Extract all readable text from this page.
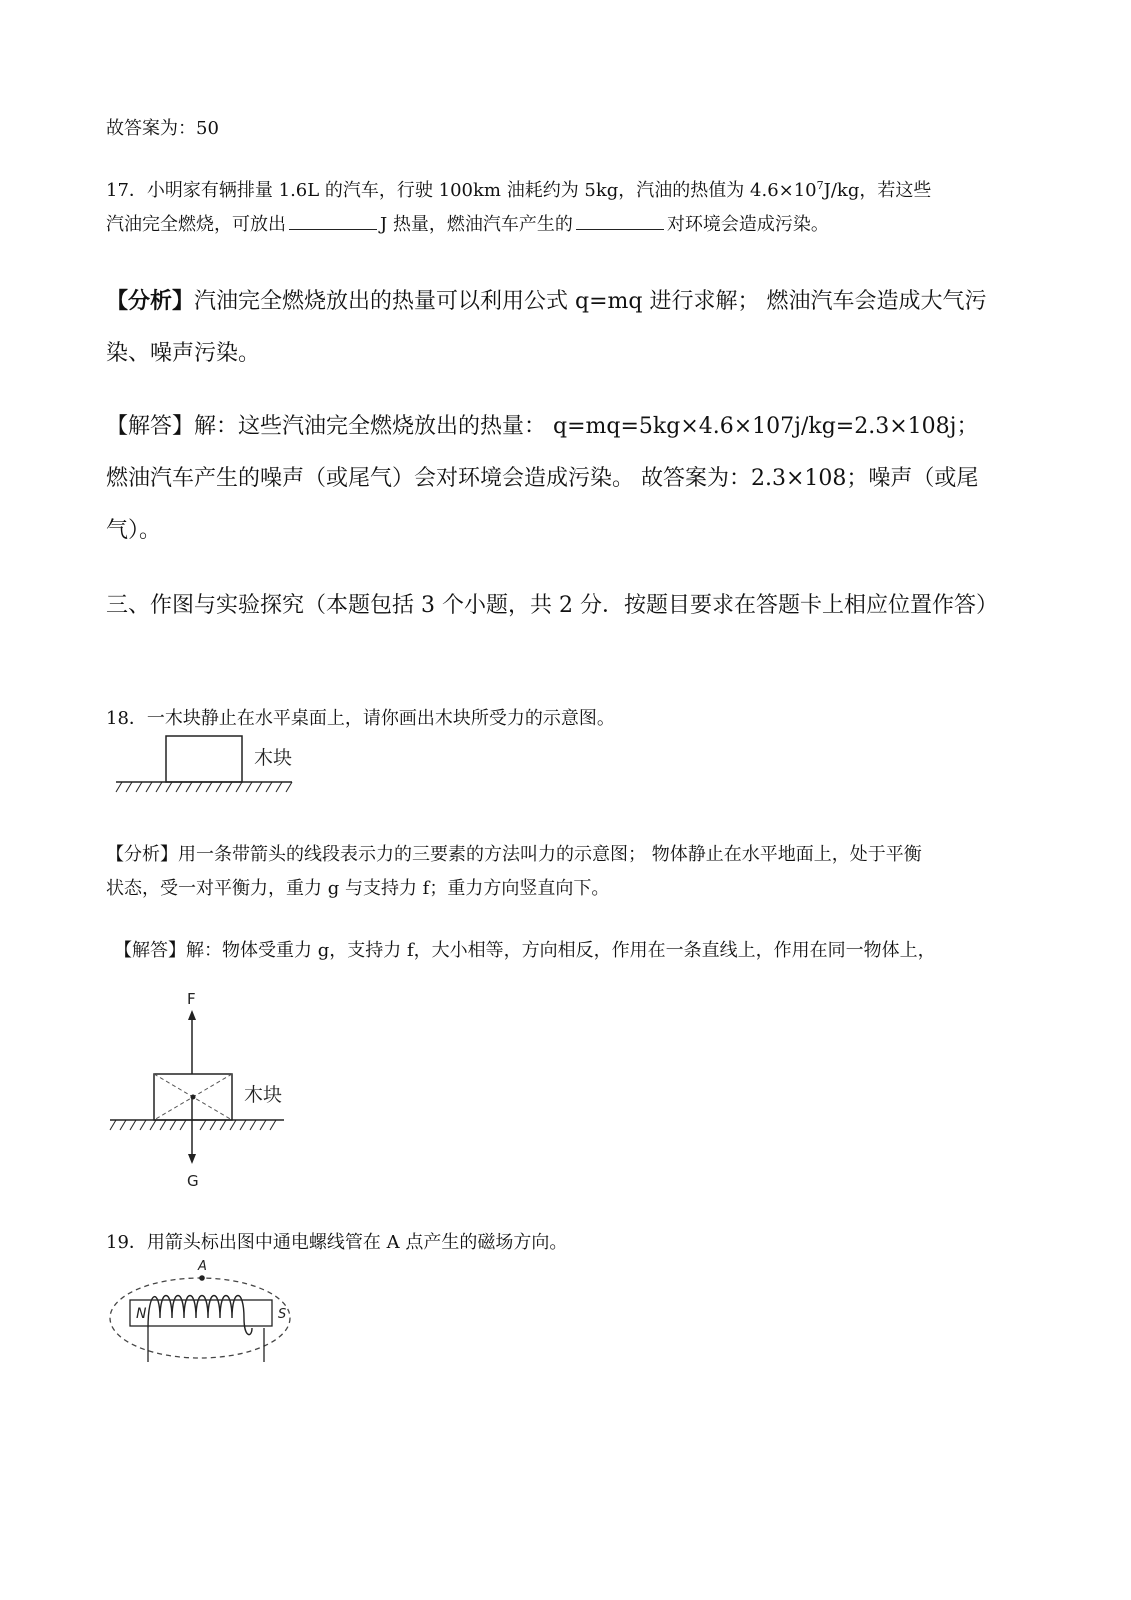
故答案为：50
17．小明家有辆排量 1.6L 的汽车，行驶 100km 油耗约为 5kg，汽油的热值为 $4.6\times 10^7J/kg$，若这些
汽油完全燃烧，可放出	J 热量，燃油汽车产生的	对环境会造成污染。
【分析】汽油完全燃烧放出的热量可以利用公式 q=mq 进行求解； 燃油汽车会造成大气污
染、噪声污染。
【解答】解：这些汽油完全燃烧放出的热量： q=mq=5kg×4.6×107j/kg=2.3×108j；
燃油汽车产生的噪声（或尾气）会对环境会造成污染。 故答案为：2.3×108；噪声（或尾
气）。
三、作图与实验探究（本题包括 3 个小题，共 2 分．按题目要求在答题卡上相应位置作答）
18．一木块静止在水平桌面上，请你画出木块所受力的示意图。
木块
【分析】用一条带箭头的线段表示力的三要素的方法叫力的示意图； 物体静止在水平地面上，处于平衡
状态，受一对平衡力，重力 g 与支持力 f；重力方向竖直向下。
【解答】解：物体受重力 g，支持力 f，大小相等，方向相反，作用在一条直线上，作用在同一物体上，
F
G
木块
19．用箭头标出图中通电螺线管在 A 点产生的磁场方向。
A
N	S
